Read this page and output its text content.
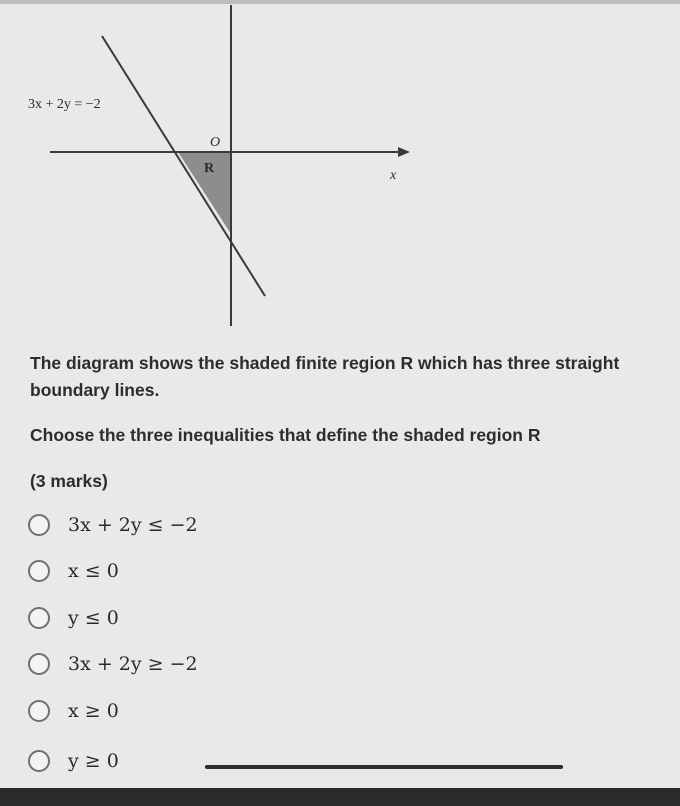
3x + 2y = −2
O
R	x
The diagram shows the shaded finite region R which has three straight boundary lines.
Choose the three inequalities that define the shaded region R
(3 marks)
3x + 2y ≤ −2
x ≤ 0
y ≤ 0
3x + 2y ≥ −2
x ≥ 0
y ≥ 0
